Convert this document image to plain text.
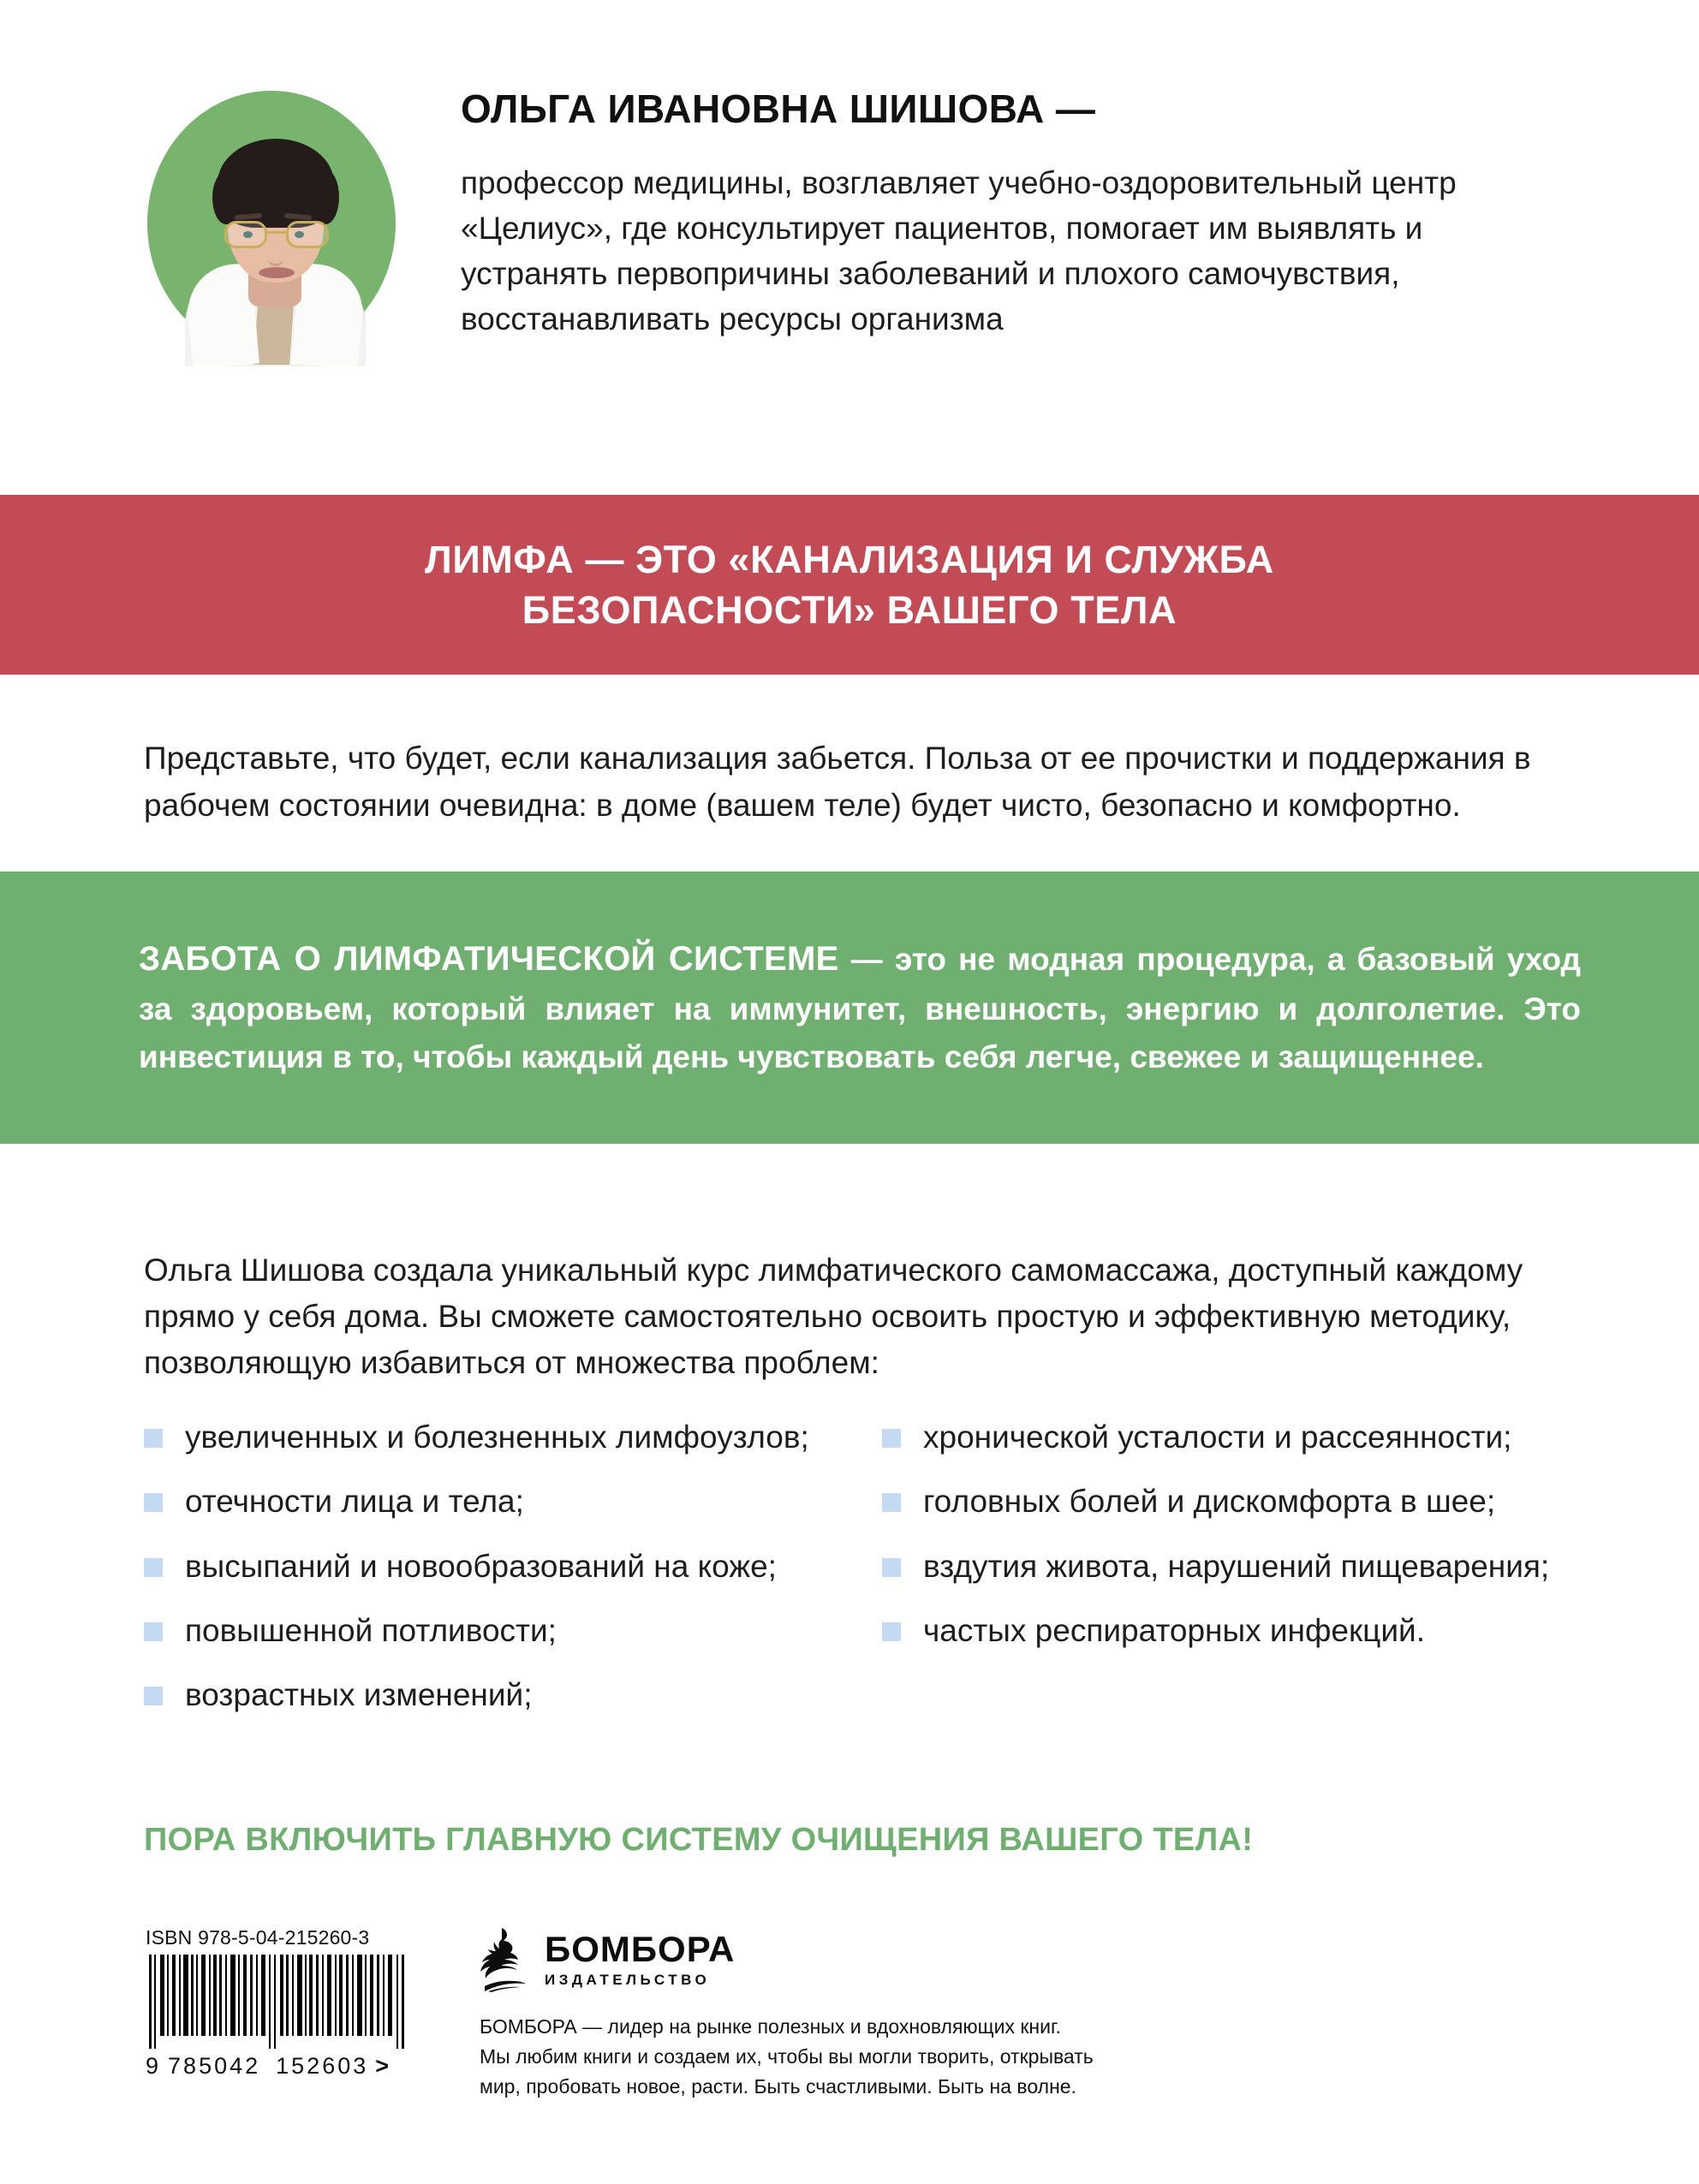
ОЛЬГА ИВАНОВНА ШИШОВА —

профессор медицины, возглавляет учебно-оздоровительный центр «Целиус», где консультирует пациентов, помогает им выявлять и устранять первопричины заболеваний и плохого самочувствия, восстанавливать ресурсы организма

ЛИМФА — ЭТО «КАНАЛИЗАЦИЯ И СЛУЖБА
БЕЗОПАСНОСТИ» ВАШЕГО ТЕЛА

Представьте, что будет, если канализация забьется. Польза от ее прочистки и поддержания в рабочем состоянии очевидна: в доме (вашем теле) будет чисто, безопасно и комфортно.

ЗАБОТА О ЛИМФАТИЧЕСКОЙ СИСТЕМЕ — это не модная процедура, а базовый уход за здоровьем, который влияет на иммунитет, внешность, энергию и долголетие. Это инвестиция в то, чтобы каждый день чувствовать себя легче, свежее и защищеннее.

Ольга Шишова создала уникальный курс лимфатического самомассажа, доступный каждому прямо у себя дома. Вы сможете самостоятельно освоить простую и эффективную методику, позволяющую избавиться от множества проблем:

увеличенных и болезненных лимфоузлов;
отечности лица и тела;
высыпаний и новообразований на коже;
повышенной потливости;
возрастных изменений;
хронической усталости и рассеянности;
головных болей и дискомфорта в шее;
вздутия живота, нарушений пищеварения;
частых респираторных инфекций.
ПОРА ВКЛЮЧИТЬ ГЛАВНУЮ СИСТЕМУ ОЧИЩЕНИЯ ВАШЕГО ТЕЛА!
ISBN 978-5-04-215260-3
9 785042 152603 >
БОМБОРА
ИЗДАТЕЛЬСТВО
БОМБОРА — лидер на рынке полезных и вдохновляющих книг.
Мы любим книги и создаем их, чтобы вы могли творить, открывать
мир, пробовать новое, расти. Быть счастливыми. Быть на волне.
